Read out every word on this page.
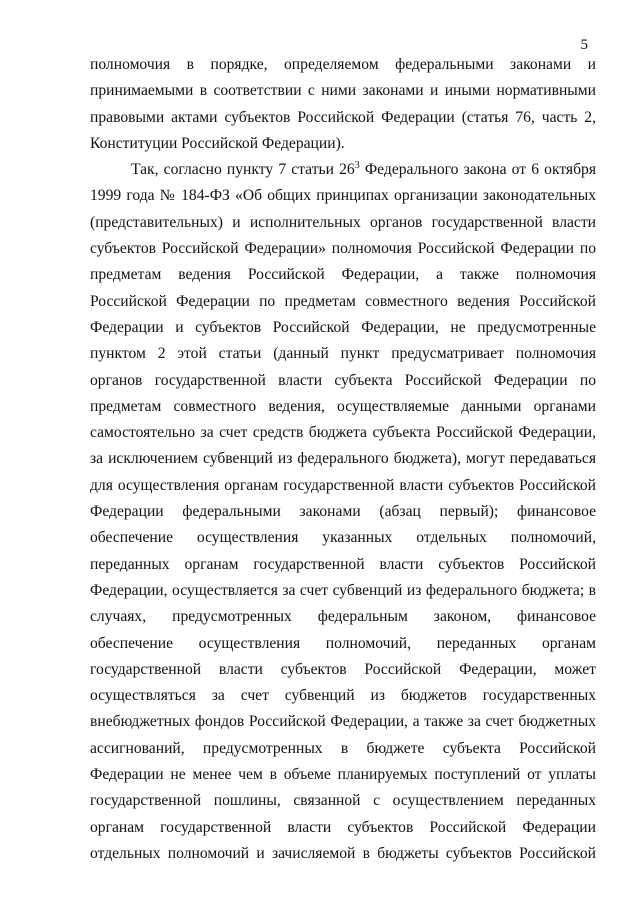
5
полномочия в порядке, определяемом федеральными законами и
принимаемыми в соответствии с ними законами и иными нормативными
правовыми актами субъектов Российской Федерации (статья 76, часть 2,
Конституции Российской Федерации).
Так, согласно пункту 7 статьи $26^3$ Федерального закона от 6 октября
1999 года № 184-ФЗ «Об общих принципах организации законодательных
(представительных) и исполнительных органов государственной власти
субъектов Российской Федерации» полномочия Российской Федерации по
предметам ведения Российской Федерации, а также полномочия
Российской Федерации по предметам совместного ведения Российской
Федерации и субъектов Российской Федерации, не предусмотренные
пунктом 2 этой статьи (данный пункт предусматривает полномочия
органов государственной власти субъекта Российской Федерации по
предметам совместного ведения, осуществляемые данными органами
самостоятельно за счет средств бюджета субъекта Российской Федерации,
за исключением субвенций из федерального бюджета), могут передаваться
для осуществления органам государственной власти субъектов Российской
Федерации федеральными законами (абзац первый); финансовое
обеспечение осуществления указанных отдельных полномочий,
переданных органам государственной власти субъектов Российской
Федерации, осуществляется за счет субвенций из федерального бюджета; в
случаях, предусмотренных федеральным законом, финансовое
обеспечение осуществления полномочий, переданных органам
государственной власти субъектов Российской Федерации, может
осуществляться за счет субвенций из бюджетов государственных
внебюджетных фондов Российской Федерации, а также за счет бюджетных
ассигнований, предусмотренных в бюджете субъекта Российской
Федерации не менее чем в объеме планируемых поступлений от уплаты
государственной пошлины, связанной с осуществлением переданных
органам государственной власти субъектов Российской Федерации
отдельных полномочий и зачисляемой в бюджеты субъектов Российской
